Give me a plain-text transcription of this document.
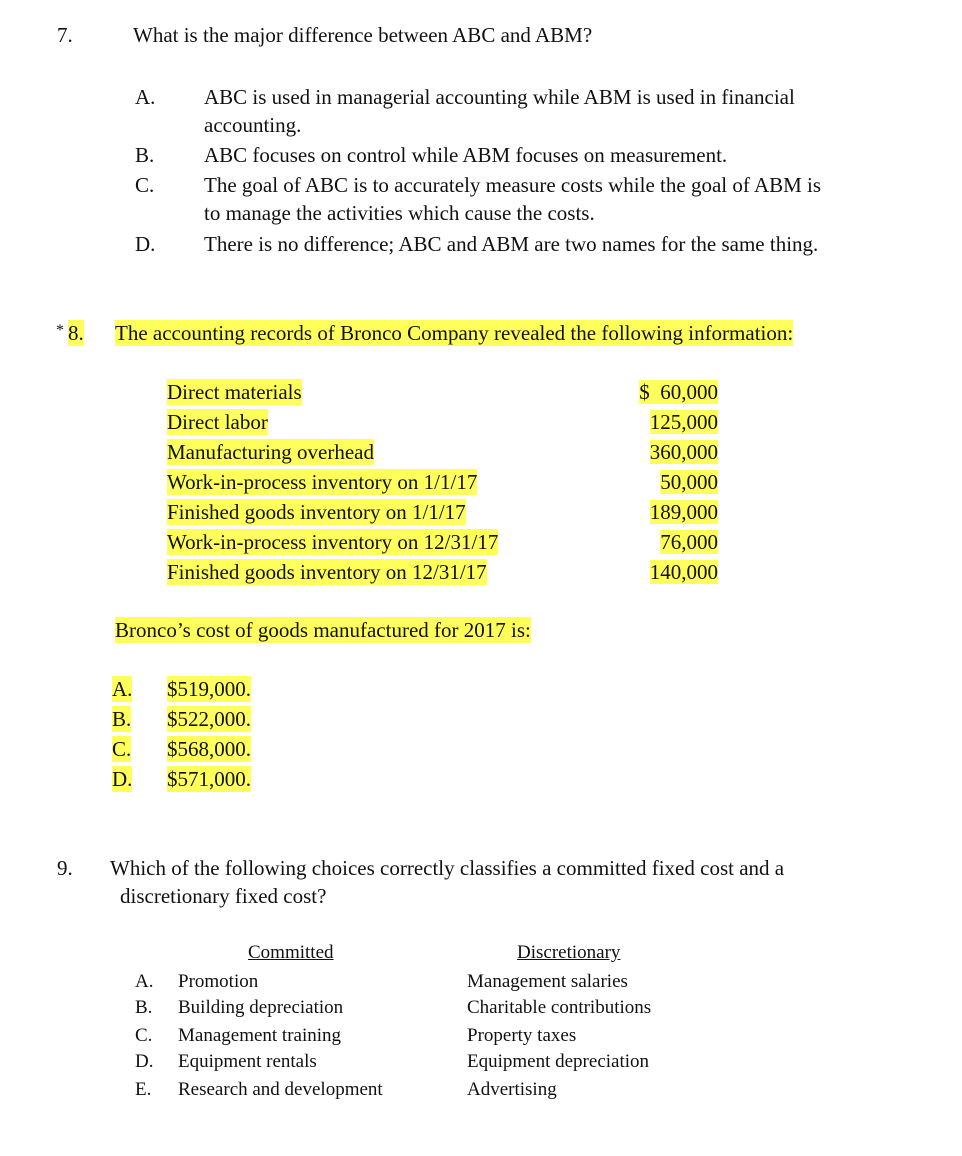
7.	What is the major difference between ABC and ABM?
A. ABC is used in managerial accounting while ABM is used in financial
accounting.
B. ABC focuses on control while ABM focuses on measurement.
C. The goal of ABC is to accurately measure costs while the goal of ABM is
to manage the activities which cause the costs.
D. There is no difference; ABC and ABM are two names for the same thing.
* 8. The accounting records of Bronco Company revealed the following information:
Direct materials	$  60,000
Direct labor	125,000
Manufacturing overhead	360,000
Work-in-process inventory on 1/1/17	50,000
Finished goods inventory on 1/1/17	189,000
Work-in-process inventory on 12/31/17	76,000
Finished goods inventory on 12/31/17	140,000
Bronco’s cost of goods manufactured for 2017 is:
A. $519,000.
B. $522,000.
C. $568,000.
D. $571,000.
9. Which of the following choices correctly classifies a committed fixed cost and a
discretionary fixed cost?
Committed	Discretionary
A. Promotion	Management salaries
B. Building depreciation	Charitable contributions
C. Management training	Property taxes
D. Equipment rentals	Equipment depreciation
E. Research and development	Advertising
